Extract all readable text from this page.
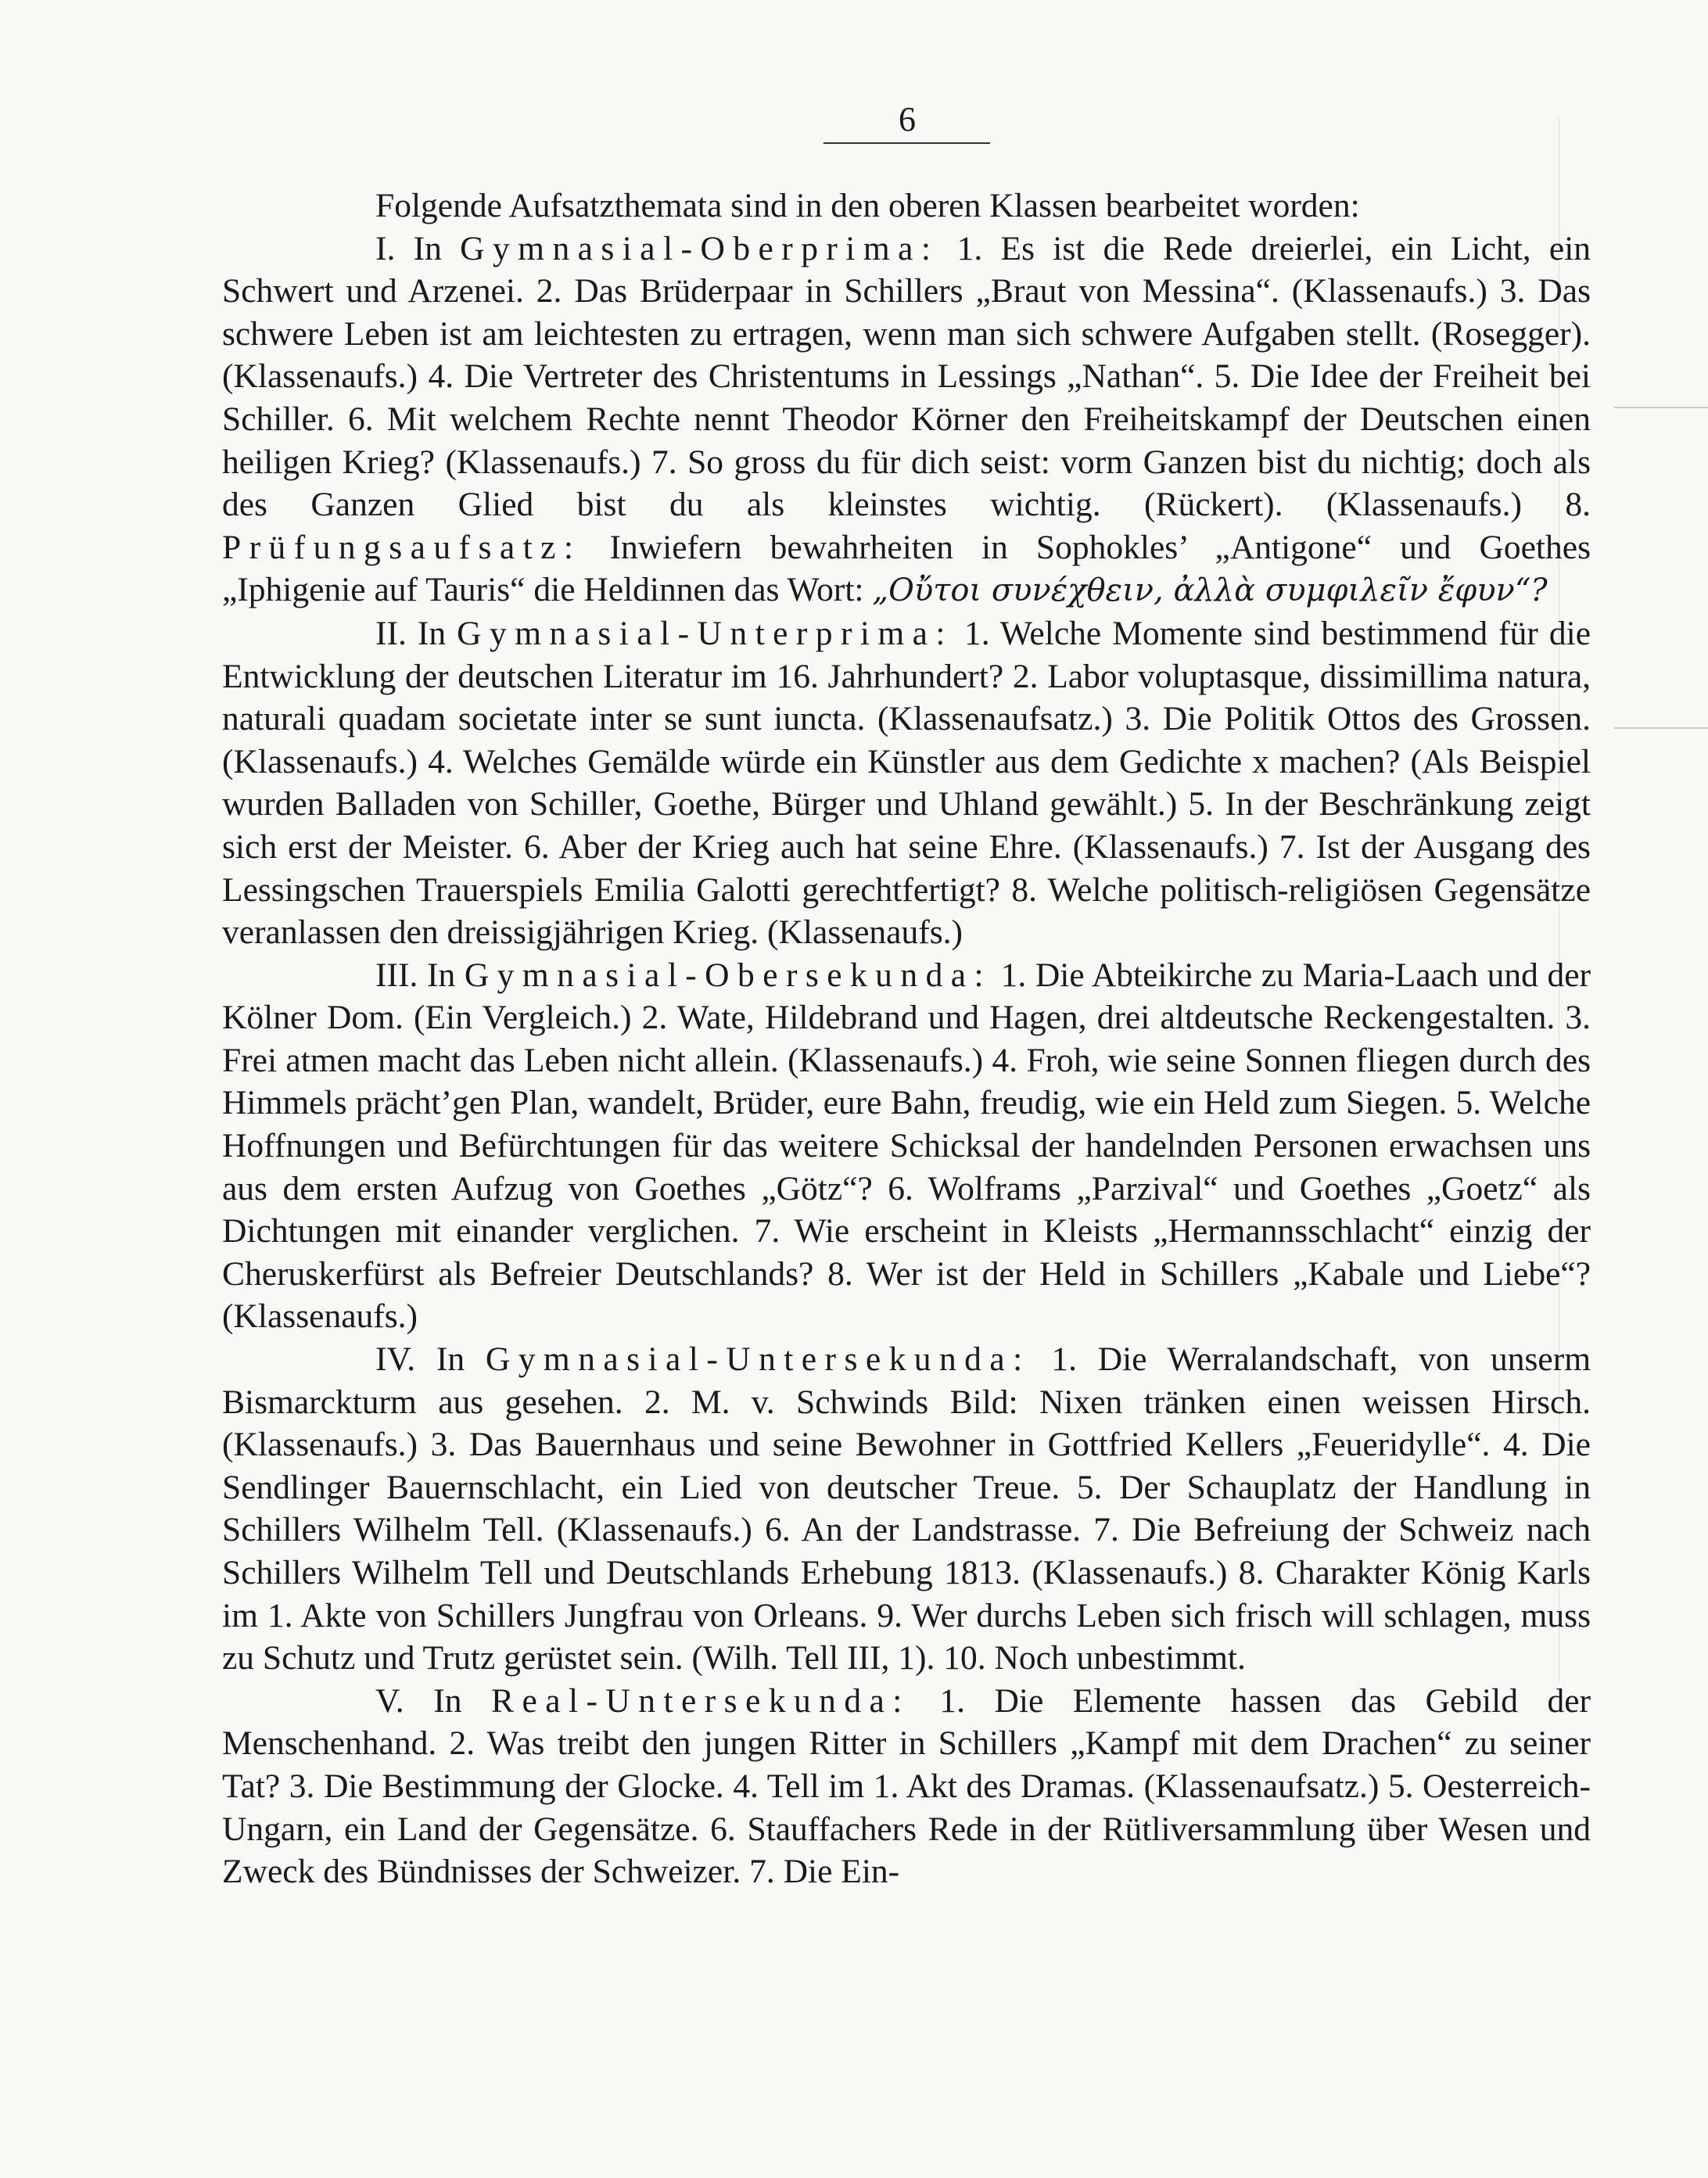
6

Folgende Aufsatzthemata sind in den oberen Klassen bearbeitet worden:

I. In Gymnasial-Oberprima: 1. Es ist die Rede dreierlei, ein Licht, ein Schwert und Arzenei. 2. Das Brüderpaar in Schillers „Braut von Messina“. (Klassenaufs.) 3. Das schwere Leben ist am leichtesten zu ertragen, wenn man sich schwere Aufgaben stellt. (Rosegger). (Klassenaufs.) 4. Die Vertreter des Christentums in Lessings „Nathan“. 5. Die Idee der Freiheit bei Schiller. 6. Mit welchem Rechte nennt Theodor Körner den Freiheitskampf der Deutschen einen heiligen Krieg? (Klassenaufs.) 7. So gross du für dich seist: vorm Ganzen bist du nichtig; doch als des Ganzen Glied bist du als kleinstes wichtig. (Rückert). (Klassenaufs.) 8. Prüfungsaufsatz: Inwiefern bewahrheiten in Sophokles’ „Antigone“ und Goethes „Iphigenie auf Tauris“ die Heldinnen das Wort: „Οὔτοι συνέχθειν, ἀλλὰ συμφιλεῖν ἔφυν“?

II. In Gymnasial-Unterprima: 1. Welche Momente sind bestimmend für die Entwicklung der deutschen Literatur im 16. Jahrhundert? 2. Labor voluptasque, dissimillima natura, naturali quadam societate inter se sunt iuncta. (Klassenaufsatz.) 3. Die Politik Ottos des Grossen. (Klassenaufs.) 4. Welches Gemälde würde ein Künstler aus dem Gedichte x machen? (Als Beispiel wurden Balladen von Schiller, Goethe, Bürger und Uhland gewählt.) 5. In der Beschränkung zeigt sich erst der Meister. 6. Aber der Krieg auch hat seine Ehre. (Klassenaufs.) 7. Ist der Ausgang des Lessingschen Trauerspiels Emilia Galotti gerechtfertigt? 8. Welche politisch-religiösen Gegensätze veranlassen den dreissigjährigen Krieg. (Klassenaufs.)

III. In Gymnasial-Obersekunda: 1. Die Abteikirche zu Maria-Laach und der Kölner Dom. (Ein Vergleich.) 2. Wate, Hildebrand und Hagen, drei altdeutsche Reckengestalten. 3. Frei atmen macht das Leben nicht allein. (Klassenaufs.) 4. Froh, wie seine Sonnen fliegen durch des Himmels prächt’gen Plan, wandelt, Brüder, eure Bahn, freudig, wie ein Held zum Siegen. 5. Welche Hoffnungen und Befürchtungen für das weitere Schicksal der handelnden Personen erwachsen uns aus dem ersten Aufzug von Goethes „Götz“? 6. Wolframs „Parzival“ und Goethes „Goetz“ als Dichtungen mit einander verglichen. 7. Wie erscheint in Kleists „Hermannsschlacht“ einzig der Cheruskerfürst als Befreier Deutschlands? 8. Wer ist der Held in Schillers „Kabale und Liebe“? (Klassenaufs.)

IV. In Gymnasial-Untersekunda: 1. Die Werralandschaft, von unserm Bismarckturm aus gesehen. 2. M. v. Schwinds Bild: Nixen tränken einen weissen Hirsch. (Klassenaufs.) 3. Das Bauernhaus und seine Bewohner in Gottfried Kellers „Feueridylle“. 4. Die Sendlinger Bauernschlacht, ein Lied von deutscher Treue. 5. Der Schauplatz der Handlung in Schillers Wilhelm Tell. (Klassenaufs.) 6. An der Landstrasse. 7. Die Befreiung der Schweiz nach Schillers Wilhelm Tell und Deutschlands Erhebung 1813. (Klassenaufs.) 8. Charakter König Karls im 1. Akte von Schillers Jungfrau von Orleans. 9. Wer durchs Leben sich frisch will schlagen, muss zu Schutz und Trutz gerüstet sein. (Wilh. Tell III, 1). 10. Noch unbestimmt.

V. In Real-Untersekunda: 1. Die Elemente hassen das Gebild der Menschenhand. 2. Was treibt den jungen Ritter in Schillers „Kampf mit dem Drachen“ zu seiner Tat? 3. Die Bestimmung der Glocke. 4. Tell im 1. Akt des Dramas. (Klassenaufsatz.) 5. Oesterreich-Ungarn, ein Land der Gegensätze. 6. Stauffachers Rede in der Rütliversammlung über Wesen und Zweck des Bündnisses der Schweizer. 7. Die Ein-
